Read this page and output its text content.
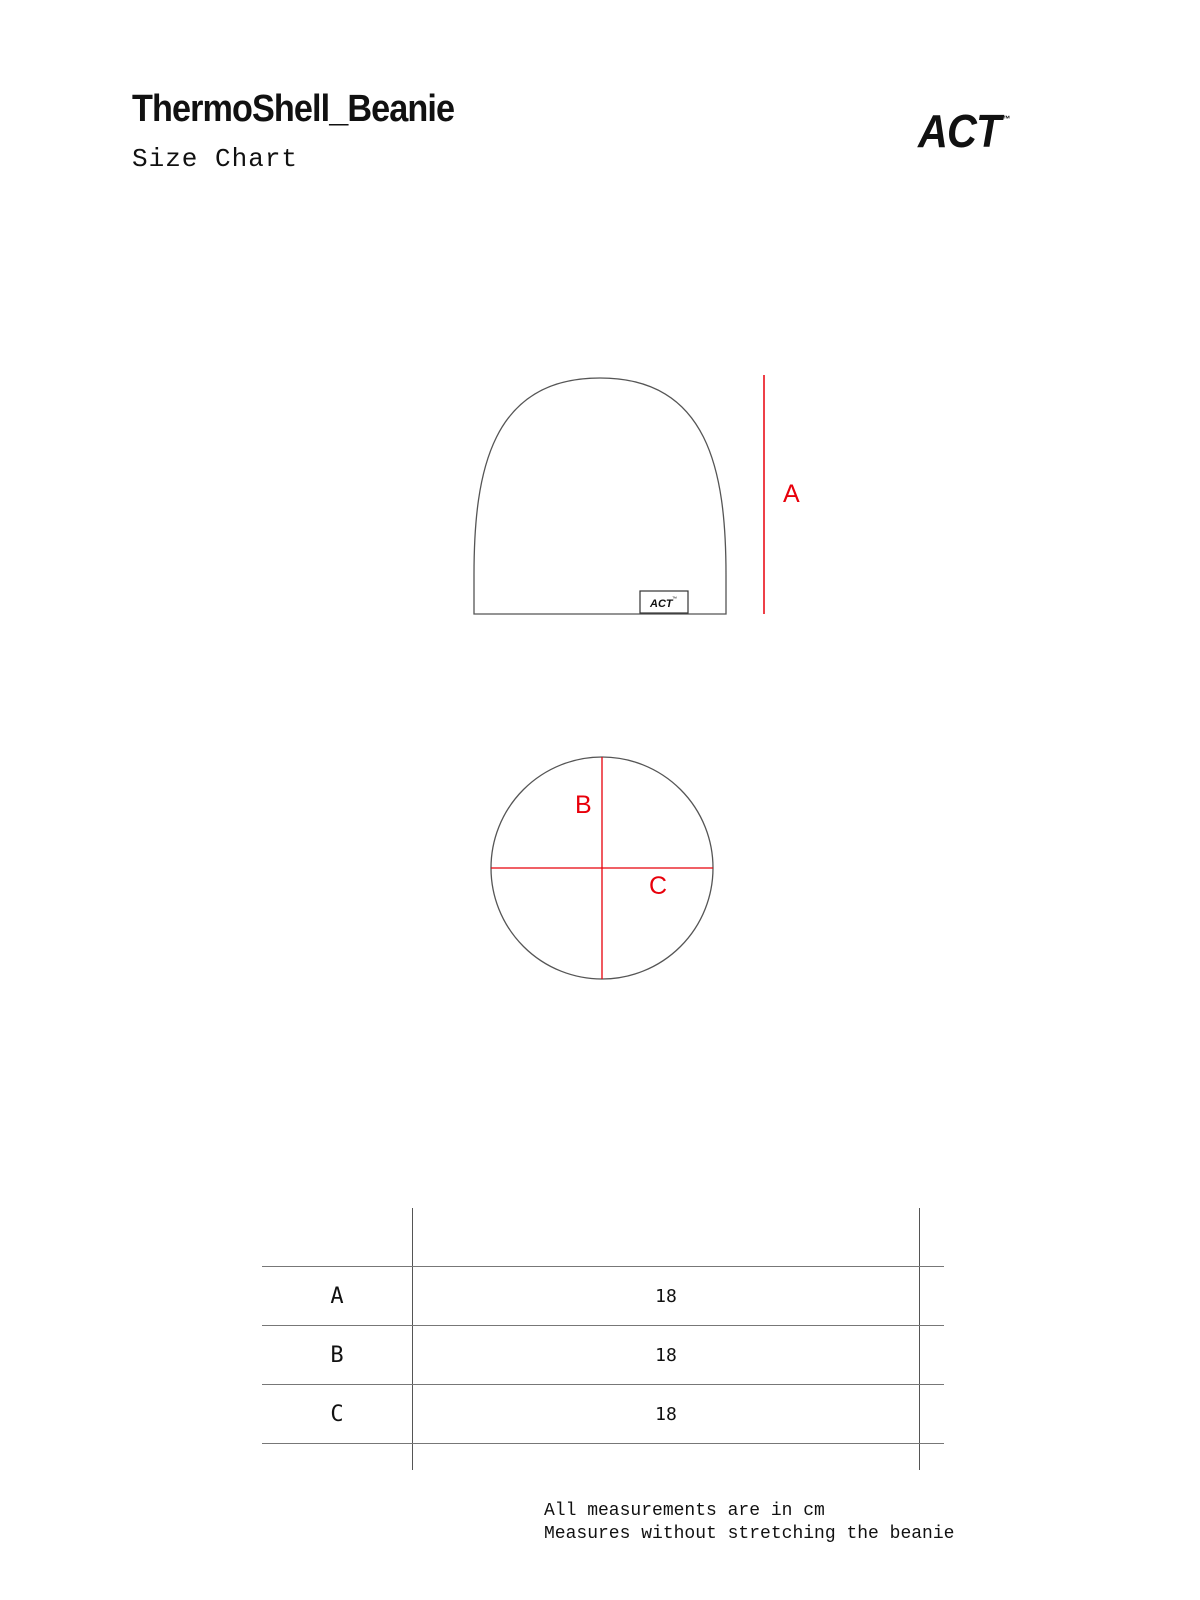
ThermoShell_Beanie

Size Chart

ACT ™
ACT ™
A
B
C

A	18	
B	18	
C	18	

All measurements are in cm

Measures without stretching the beanie
